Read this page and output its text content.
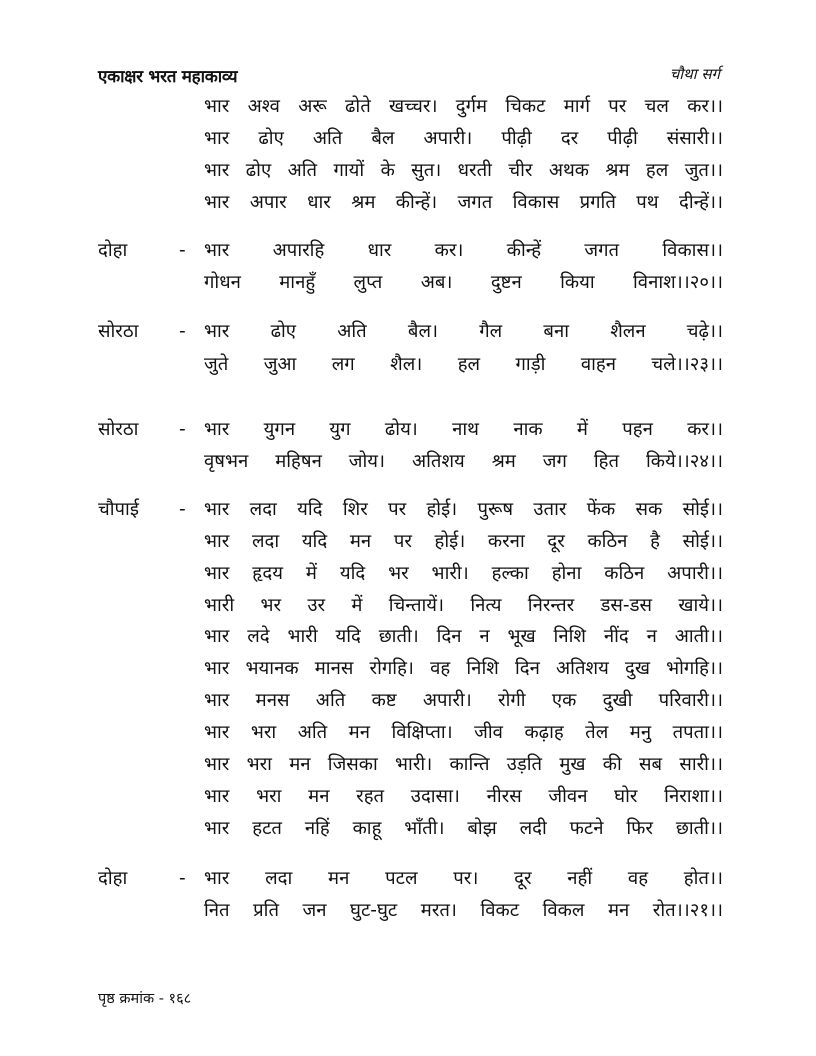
एकाक्षर भरत महाकाव्य	चौथा सर्ग
भार अश्व अरू ढोते खच्चर। दुर्गम चिकट मार्ग पर चल कर।।
भार ढोए अति बैल अपारी। पीढ़ी दर पीढ़ी संसारी।।
भार ढोए अति गायों के सुत। धरती चीर अथक श्रम हल जुत।।
भार अपार धार श्रम कीन्हें। जगत विकास प्रगति पथ दीन्हें।।
दोहा	- भार अपारहि धार कर। कीन्हें जगत विकास।।
गोधन मानहुँ लुप्त अब। दुष्टन किया विनाश।।२०।।
सोरठा - भार ढोए अति बैल। गैल बना शैलन चढ़े।।
जुते जुआ लग शैल। हल गाड़ी वाहन चले।।२३।।
सोरठा - भार युगन युग ढोय। नाथ नाक में पहन कर।।
वृषभन महिषन जोय। अतिशय श्रम जग हित किये।।२४।।
चौपाई - भार लदा यदि शिर पर होई। पुरूष उतार फेंक सक सोई।।
भार लदा यदि मन पर होई। करना दूर कठिन है सोई।।
भार हृदय में यदि भर भारी। हल्का होना कठिन अपारी।।
भारी भर उर में चिन्तायें। नित्य निरन्तर डस-डस खाये।।
भार लदे भारी यदि छाती। दिन न भूख निशि नींद न आती।।
भार भयानक मानस रोगहि। वह निशि दिन अतिशय दुख भोगहि।।
भार मनस अति कष्ट अपारी। रोगी एक दुखी परिवारी।।
भार भरा अति मन विक्षिप्ता। जीव कढ़ाह तेल मनु तपता।।
भार भरा मन जिसका भारी। कान्ति उड़ति मुख की सब सारी।।
भार भरा मन रहत उदासा। नीरस जीवन घोर निराशा।।
भार हटत नहिं काहू भाँती। बोझ लदी फटने फिर छाती।।
दोहा	- भार लदा मन पटल पर। दूर नहीं वह होत।।
नित प्रति जन घुट-घुट मरत। विकट विकल मन रोत।।२१।।
पृष्ठ क्रमांक - १६८
